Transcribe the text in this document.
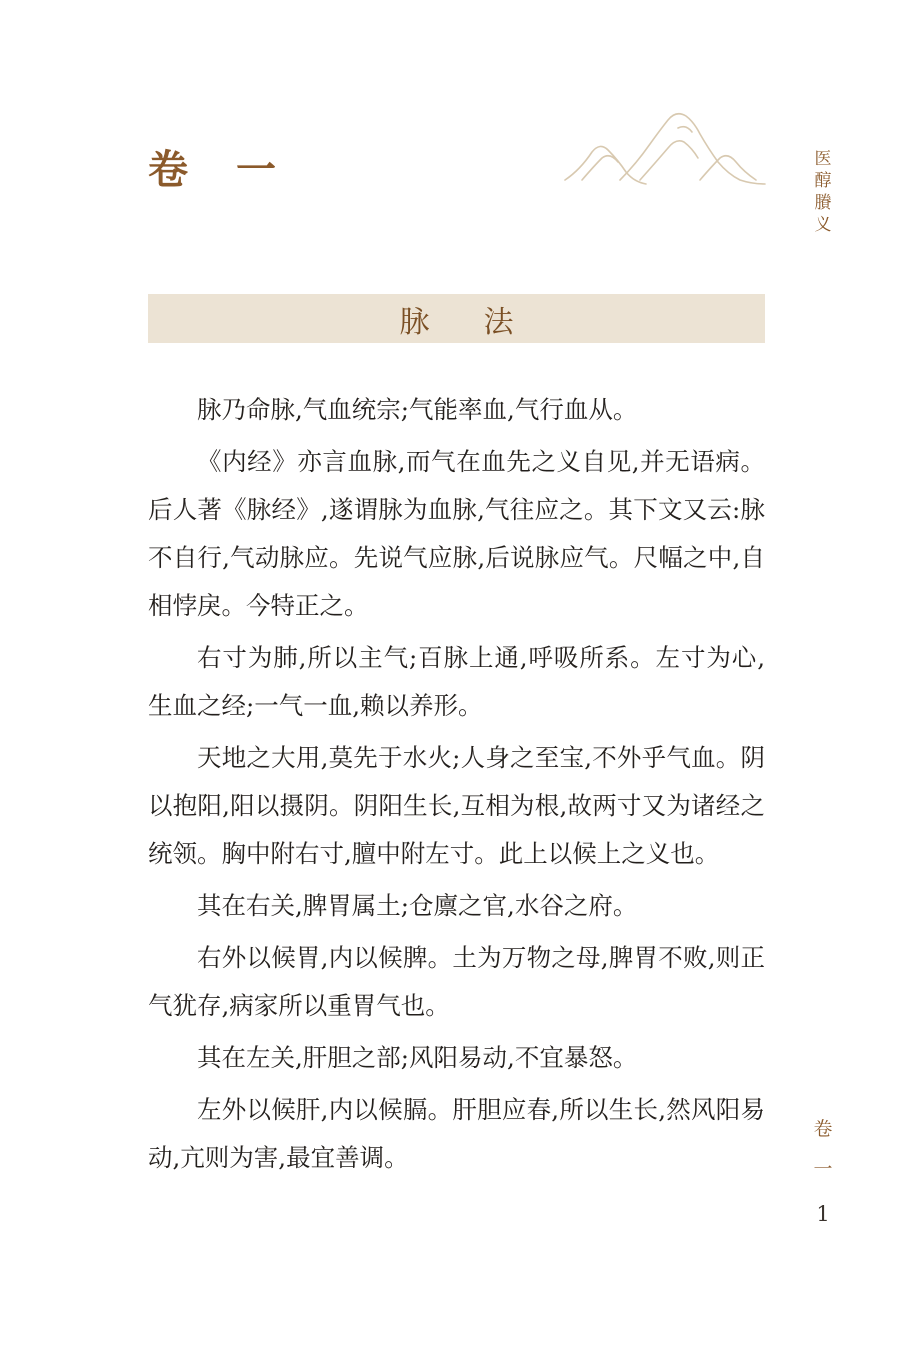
卷 一	医
醇
賸
义
脉 法

脉乃命脉,气血统宗;气能率血,气行血从。

《内经》亦言血脉,而气在血先之义自见,并无语病。后人著《脉经》,遂谓脉为血脉,气往应之。其下文又云:脉不自行,气动脉应。先说气应脉,后说脉应气。尺幅之中,自相悖戾。今特正之。

右寸为肺,所以主气;百脉上通,呼吸所系。左寸为心,生血之经;一气一血,赖以养形。

天地之大用,莫先于水火;人身之至宝,不外乎气血。阴以抱阳,阳以摄阴。阴阳生长,互相为根,故两寸又为诸经之统领。胸中附右寸,膻中附左寸。此上以候上之义也。

其在右关,脾胃属土;仓廪之官,水谷之府。

右外以候胃,内以候脾。土为万物之母,脾胃不败,则正气犹存,病家所以重胃气也。

其在左关,肝胆之部;风阳易动,不宜暴怒。

左外以候肝,内以候膈。肝胆应春,所以生长,然风阳易动,亢则为害,最宜善调。

卷
一
1
